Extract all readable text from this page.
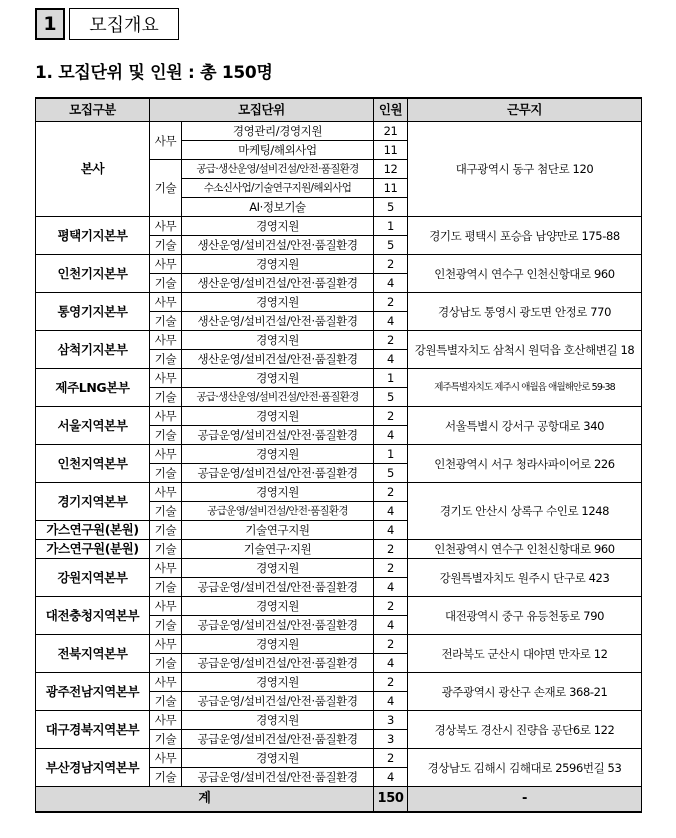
1	모집개요
1. 모집단위 및 인원 : 총 150명
모집구분	모집단위		인원	근무지
본사	사무	경영관리/경영지원	21	대구광역시 동구 첨단로 120
		마케팅/해외사업	11	
	기술	공급·생산운영/설비건설/안전·품질환경	12	
		수소신사업/기술연구지원/해외사업	11	
		AI·정보기술	5	
평택기지본부	사무	경영지원	1	경기도 평택시 포승읍 남양만로 175-88
	기술	생산운영/설비건설/안전·품질환경	5	
인천기지본부	사무	경영지원	2	인천광역시 연수구 인천신항대로 960
	기술	생산운영/설비건설/안전·품질환경	4	
통영기지본부	사무	경영지원	2	경상남도 통영시 광도면 안정로 770
	기술	생산운영/설비건설/안전·품질환경	4	
삼척기지본부	사무	경영지원	2	강원특별자치도 삼척시 원덕읍 호산해변길 18
	기술	생산운영/설비건설/안전·품질환경	4	
제주LNG본부	사무	경영지원	1	제주특별자치도 제주시 애월읍 애월해안로 59-38
	기술	공급·생산운영/설비건설/안전·품질환경	5	
서울지역본부	사무	경영지원	2	서울특별시 강서구 공항대로 340
	기술	공급운영/설비건설/안전·품질환경	4	
인천지역본부	사무	경영지원	1	인천광역시 서구 청라사파이어로 226
	기술	공급운영/설비건설/안전·품질환경	5	
경기지역본부	사무	경영지원	2	경기도 안산시 상록구 수인로 1248
	기술	공급운영/설비건설/안전·품질환경	4	
가스연구원(본원)	기술	기술연구지원	4	
가스연구원(분원)	기술	기술연구·지원	2	인천광역시 연수구 인천신항대로 960
강원지역본부	사무	경영지원	2	강원특별자치도 원주시 단구로 423
	기술	공급운영/설비건설/안전·품질환경	4	
대전충청지역본부	사무	경영지원	2	대전광역시 중구 유등천동로 790
	기술	공급운영/설비건설/안전·품질환경	4	
전북지역본부	사무	경영지원	2	전라북도 군산시 대야면 만자로 12
	기술	공급운영/설비건설/안전·품질환경	4	
광주전남지역본부	사무	경영지원	2	광주광역시 광산구 손재로 368-21
	기술	공급운영/설비건설/안전·품질환경	4	
대구경북지역본부	사무	경영지원	3	경상북도 경산시 진량읍 공단6로 122
	기술	공급운영/설비건설/안전·품질환경	3	
부산경남지역본부	사무	경영지원	2	경상남도 김해시 김해대로 2596번길 53
	기술	공급운영/설비건설/안전·품질환경	4	
계			150	-
